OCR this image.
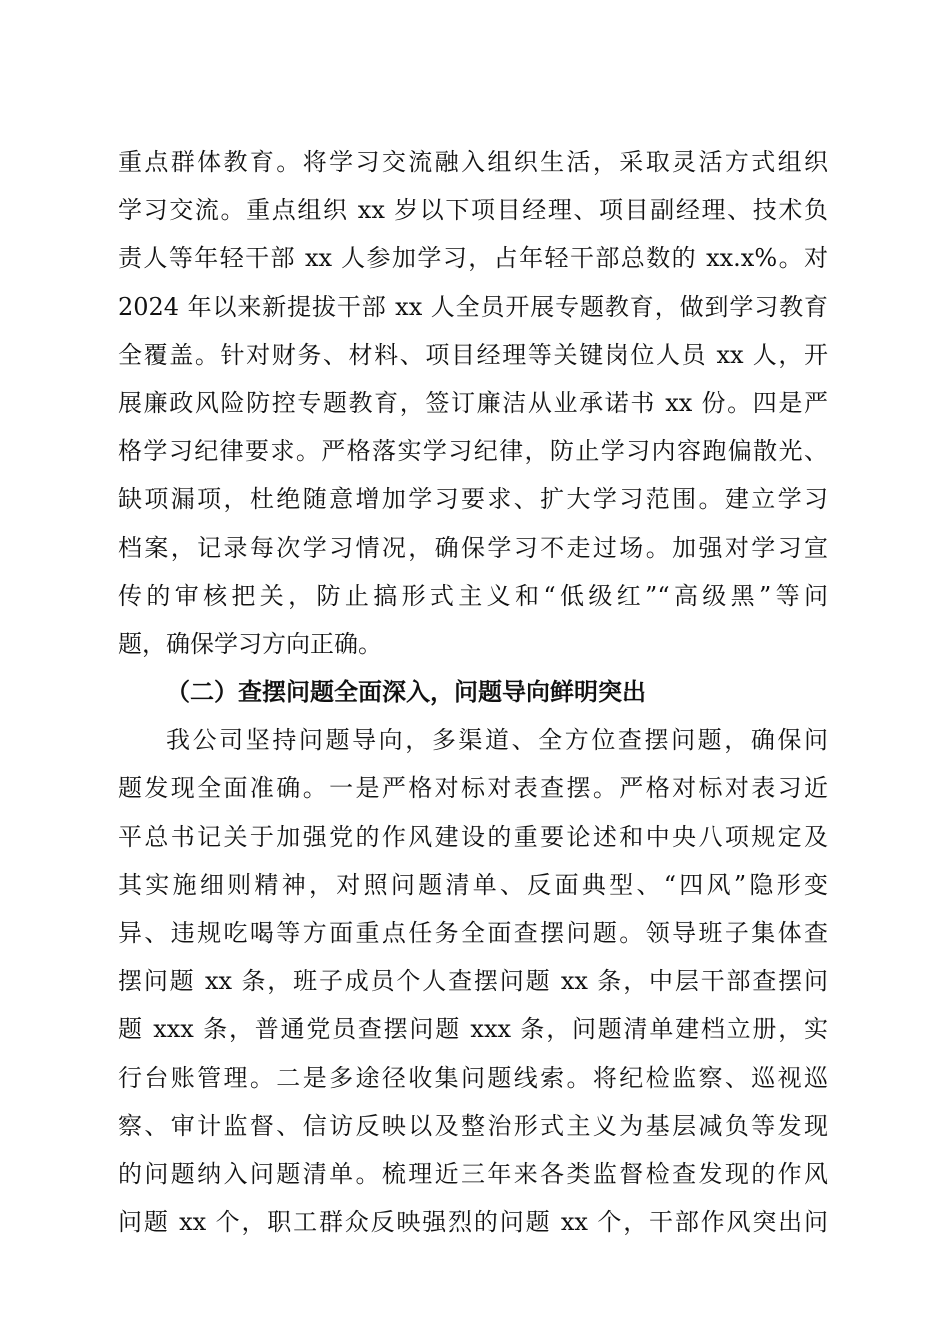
重点群体教育。将学习交流融入组织生活，采取灵活方式组织
学习交流。重点组织 xx 岁以下项目经理、项目副经理、技术负
责人等年轻干部 xx 人参加学习，占年轻干部总数的 xx.x%。对
2024 年以来新提拔干部 xx 人全员开展专题教育，做到学习教育
全覆盖。针对财务、材料、项目经理等关键岗位人员 xx 人，开
展廉政风险防控专题教育，签订廉洁从业承诺书 xx 份。四是严
格学习纪律要求。严格落实学习纪律，防止学习内容跑偏散光、
缺项漏项，杜绝随意增加学习要求、扩大学习范围。建立学习
档案，记录每次学习情况，确保学习不走过场。加强对学习宣
传的审核把关，防止搞形式主义和“低级红”“高级黑”等问
题，确保学习方向正确。
（二）查摆问题全面深入，问题导向鲜明突出
我公司坚持问题导向，多渠道、全方位查摆问题，确保问
题发现全面准确。一是严格对标对表查摆。严格对标对表习近
平总书记关于加强党的作风建设的重要论述和中央八项规定及
其实施细则精神，对照问题清单、反面典型、“四风”隐形变
异、违规吃喝等方面重点任务全面查摆问题。领导班子集体查
摆问题 xx 条，班子成员个人查摆问题 xx 条，中层干部查摆问
题 xxx 条，普通党员查摆问题 xxx 条，问题清单建档立册，实
行台账管理。二是多途径收集问题线索。将纪检监察、巡视巡
察、审计监督、信访反映以及整治形式主义为基层减负等发现
的问题纳入问题清单。梳理近三年来各类监督检查发现的作风
问题 xx 个，职工群众反映强烈的问题 xx 个，干部作风突出问
